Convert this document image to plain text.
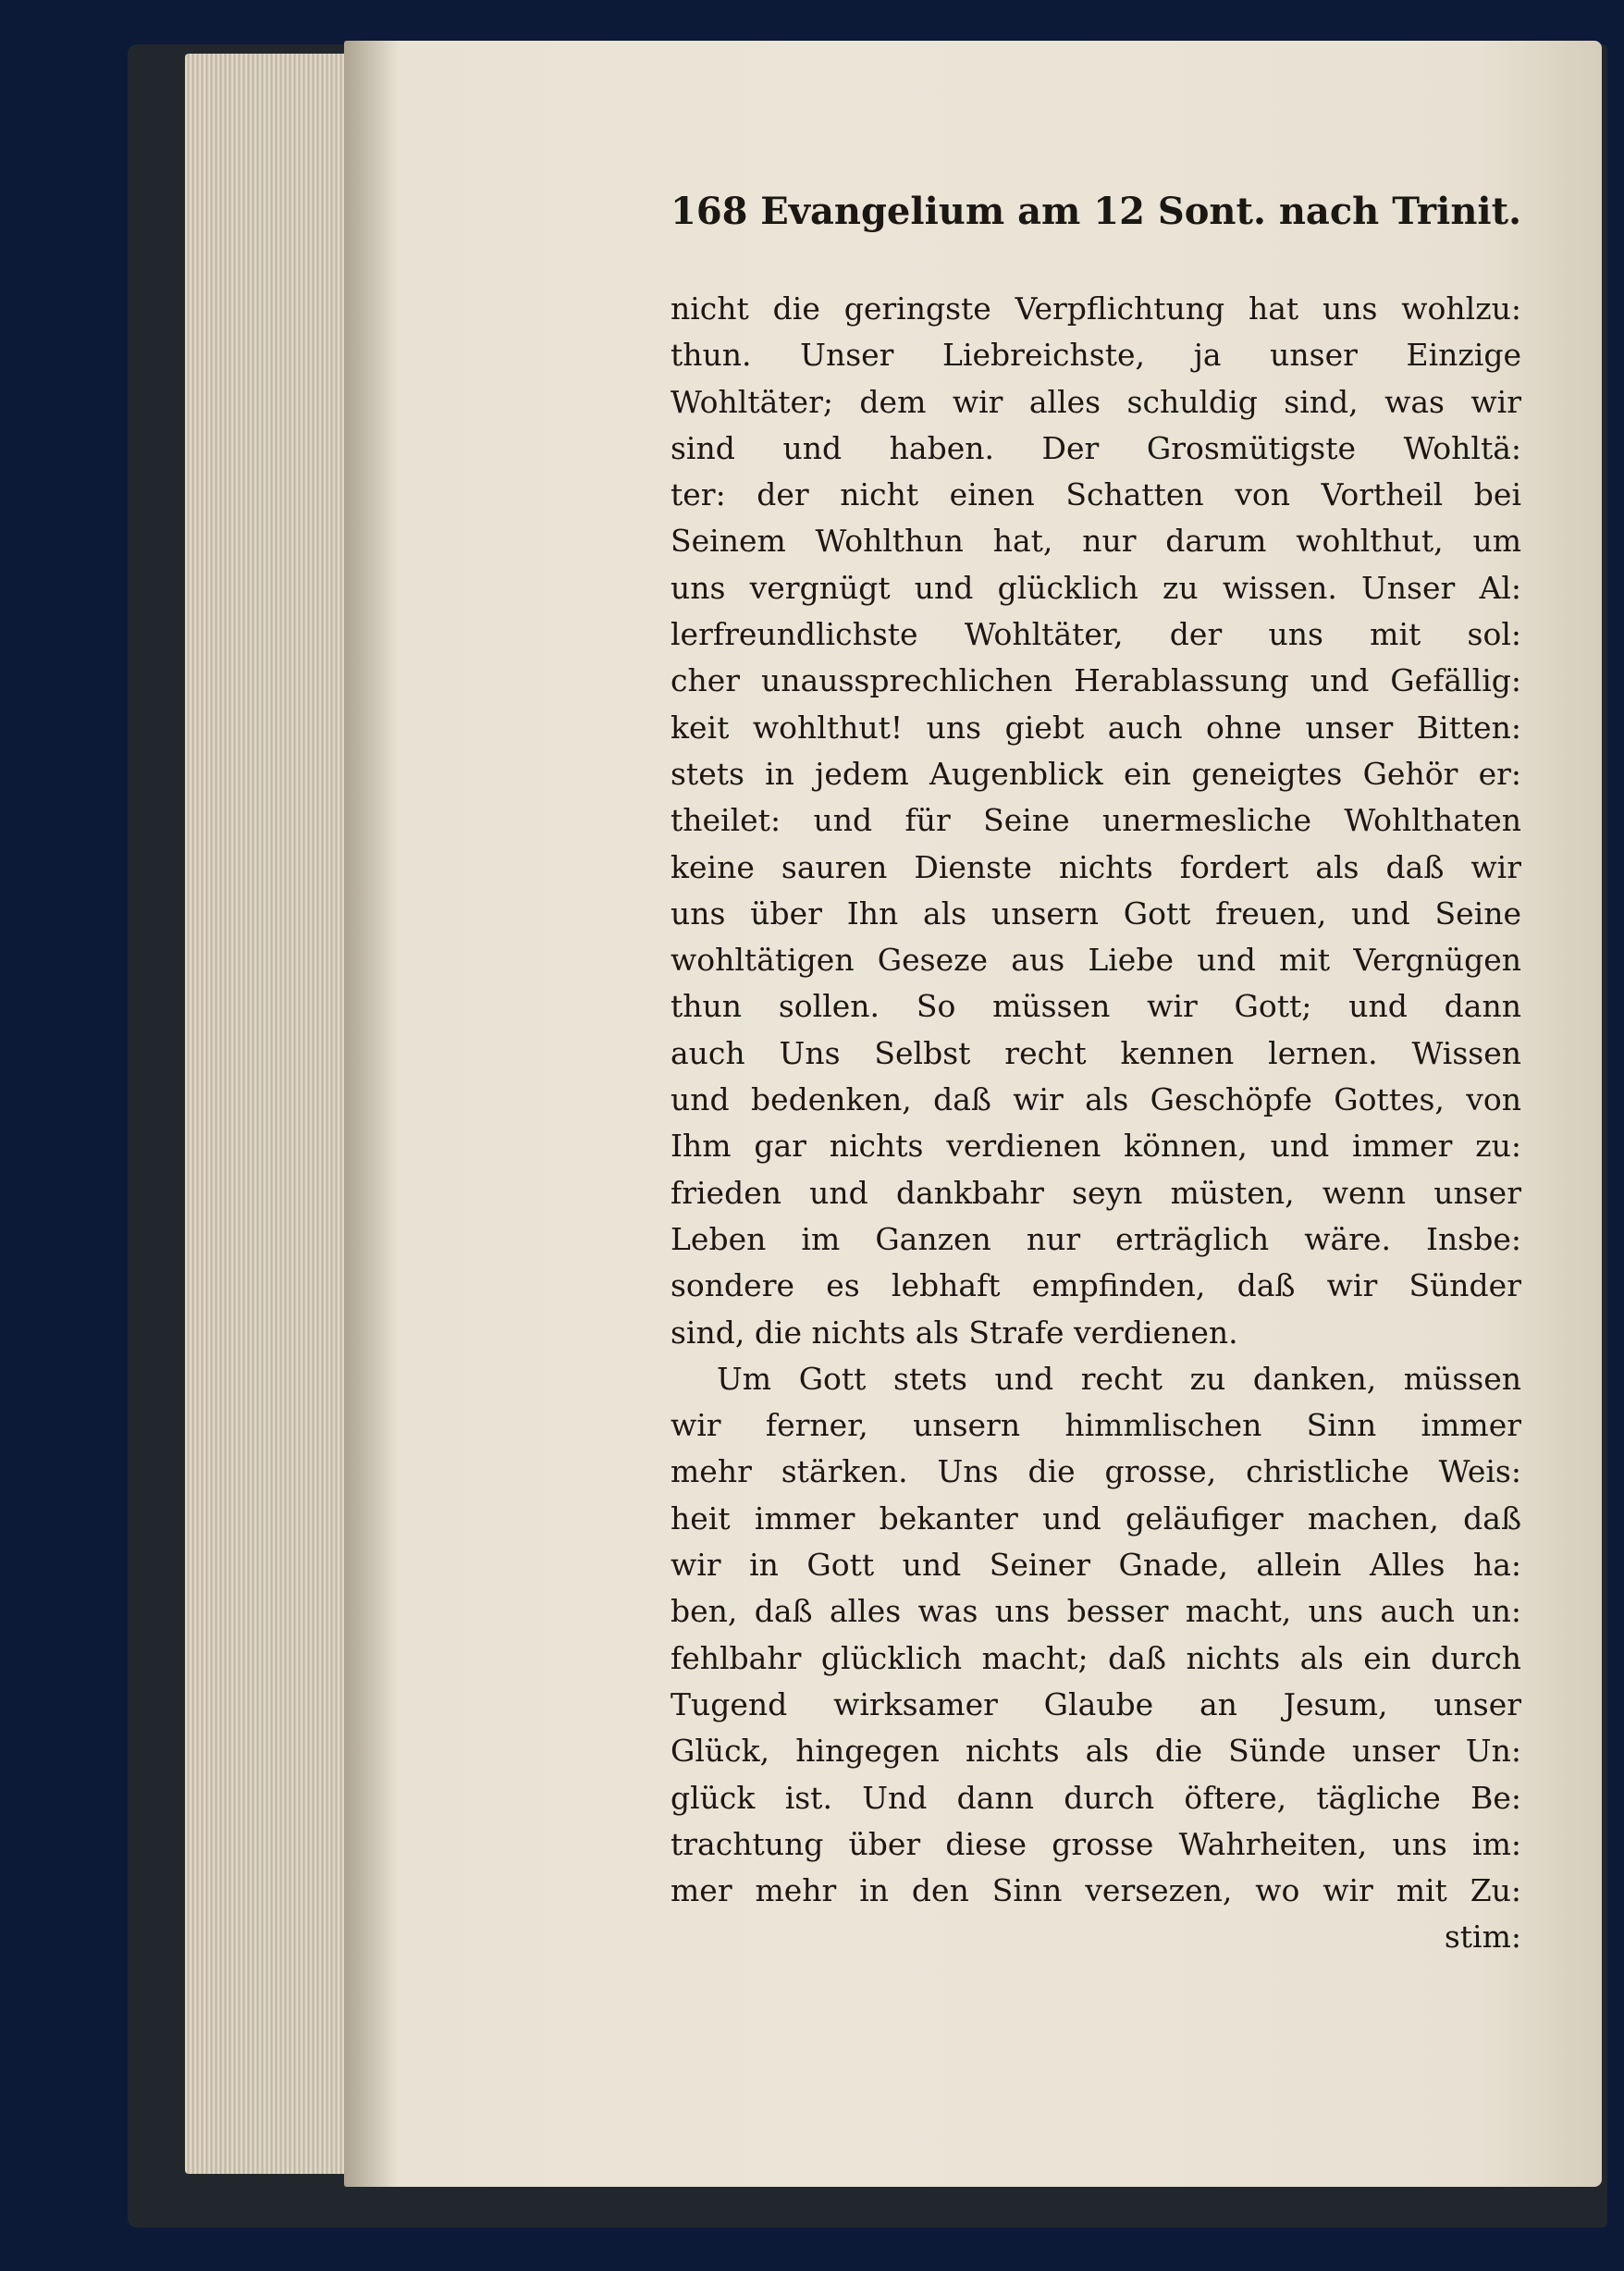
168 Evangelium am 12 Sont. nach Trinit.
nicht die geringste Verpflichtung hat uns wohlzu:
thun. Unser Liebreichste, ja unser Einzige
Wohltäter; dem wir alles schuldig sind, was wir
sind und haben. Der Grosmütigste Wohltä:
ter: der nicht einen Schatten von Vortheil bei
Seinem Wohlthun hat, nur darum wohlthut, um
uns vergnügt und glücklich zu wissen. Unser Al:
lerfreundlichste Wohltäter, der uns mit sol:
cher unaussprechlichen Herablassung und Gefällig:
keit wohlthut! uns giebt auch ohne unser Bitten:
stets in jedem Augenblick ein geneigtes Gehör er:
theilet: und für Seine unermesliche Wohlthaten
keine sauren Dienste nichts fordert als daß wir
uns über Ihn als unsern Gott freuen, und Seine
wohltätigen Geseze aus Liebe und mit Vergnügen
thun sollen. So müssen wir Gott; und dann
auch Uns Selbst recht kennen lernen. Wissen
und bedenken, daß wir als Geschöpfe Gottes, von
Ihm gar nichts verdienen können, und immer zu:
frieden und dankbahr seyn müsten, wenn unser
Leben im Ganzen nur erträglich wäre. Insbe:
sondere es lebhaft empfinden, daß wir Sünder
sind, die nichts als Strafe verdienen.
Um Gott stets und recht zu danken, müssen
wir ferner, unsern himmlischen Sinn immer
mehr stärken. Uns die grosse, christliche Weis:
heit immer bekanter und geläufiger machen, daß
wir in Gott und Seiner Gnade, allein Alles ha:
ben, daß alles was uns besser macht, uns auch un:
fehlbahr glücklich macht; daß nichts als ein durch
Tugend wirksamer Glaube an Jesum, unser
Glück, hingegen nichts als die Sünde unser Un:
glück ist. Und dann durch öftere, tägliche Be:
trachtung über diese grosse Wahrheiten, uns im:
mer mehr in den Sinn versezen, wo wir mit Zu:
stim:
